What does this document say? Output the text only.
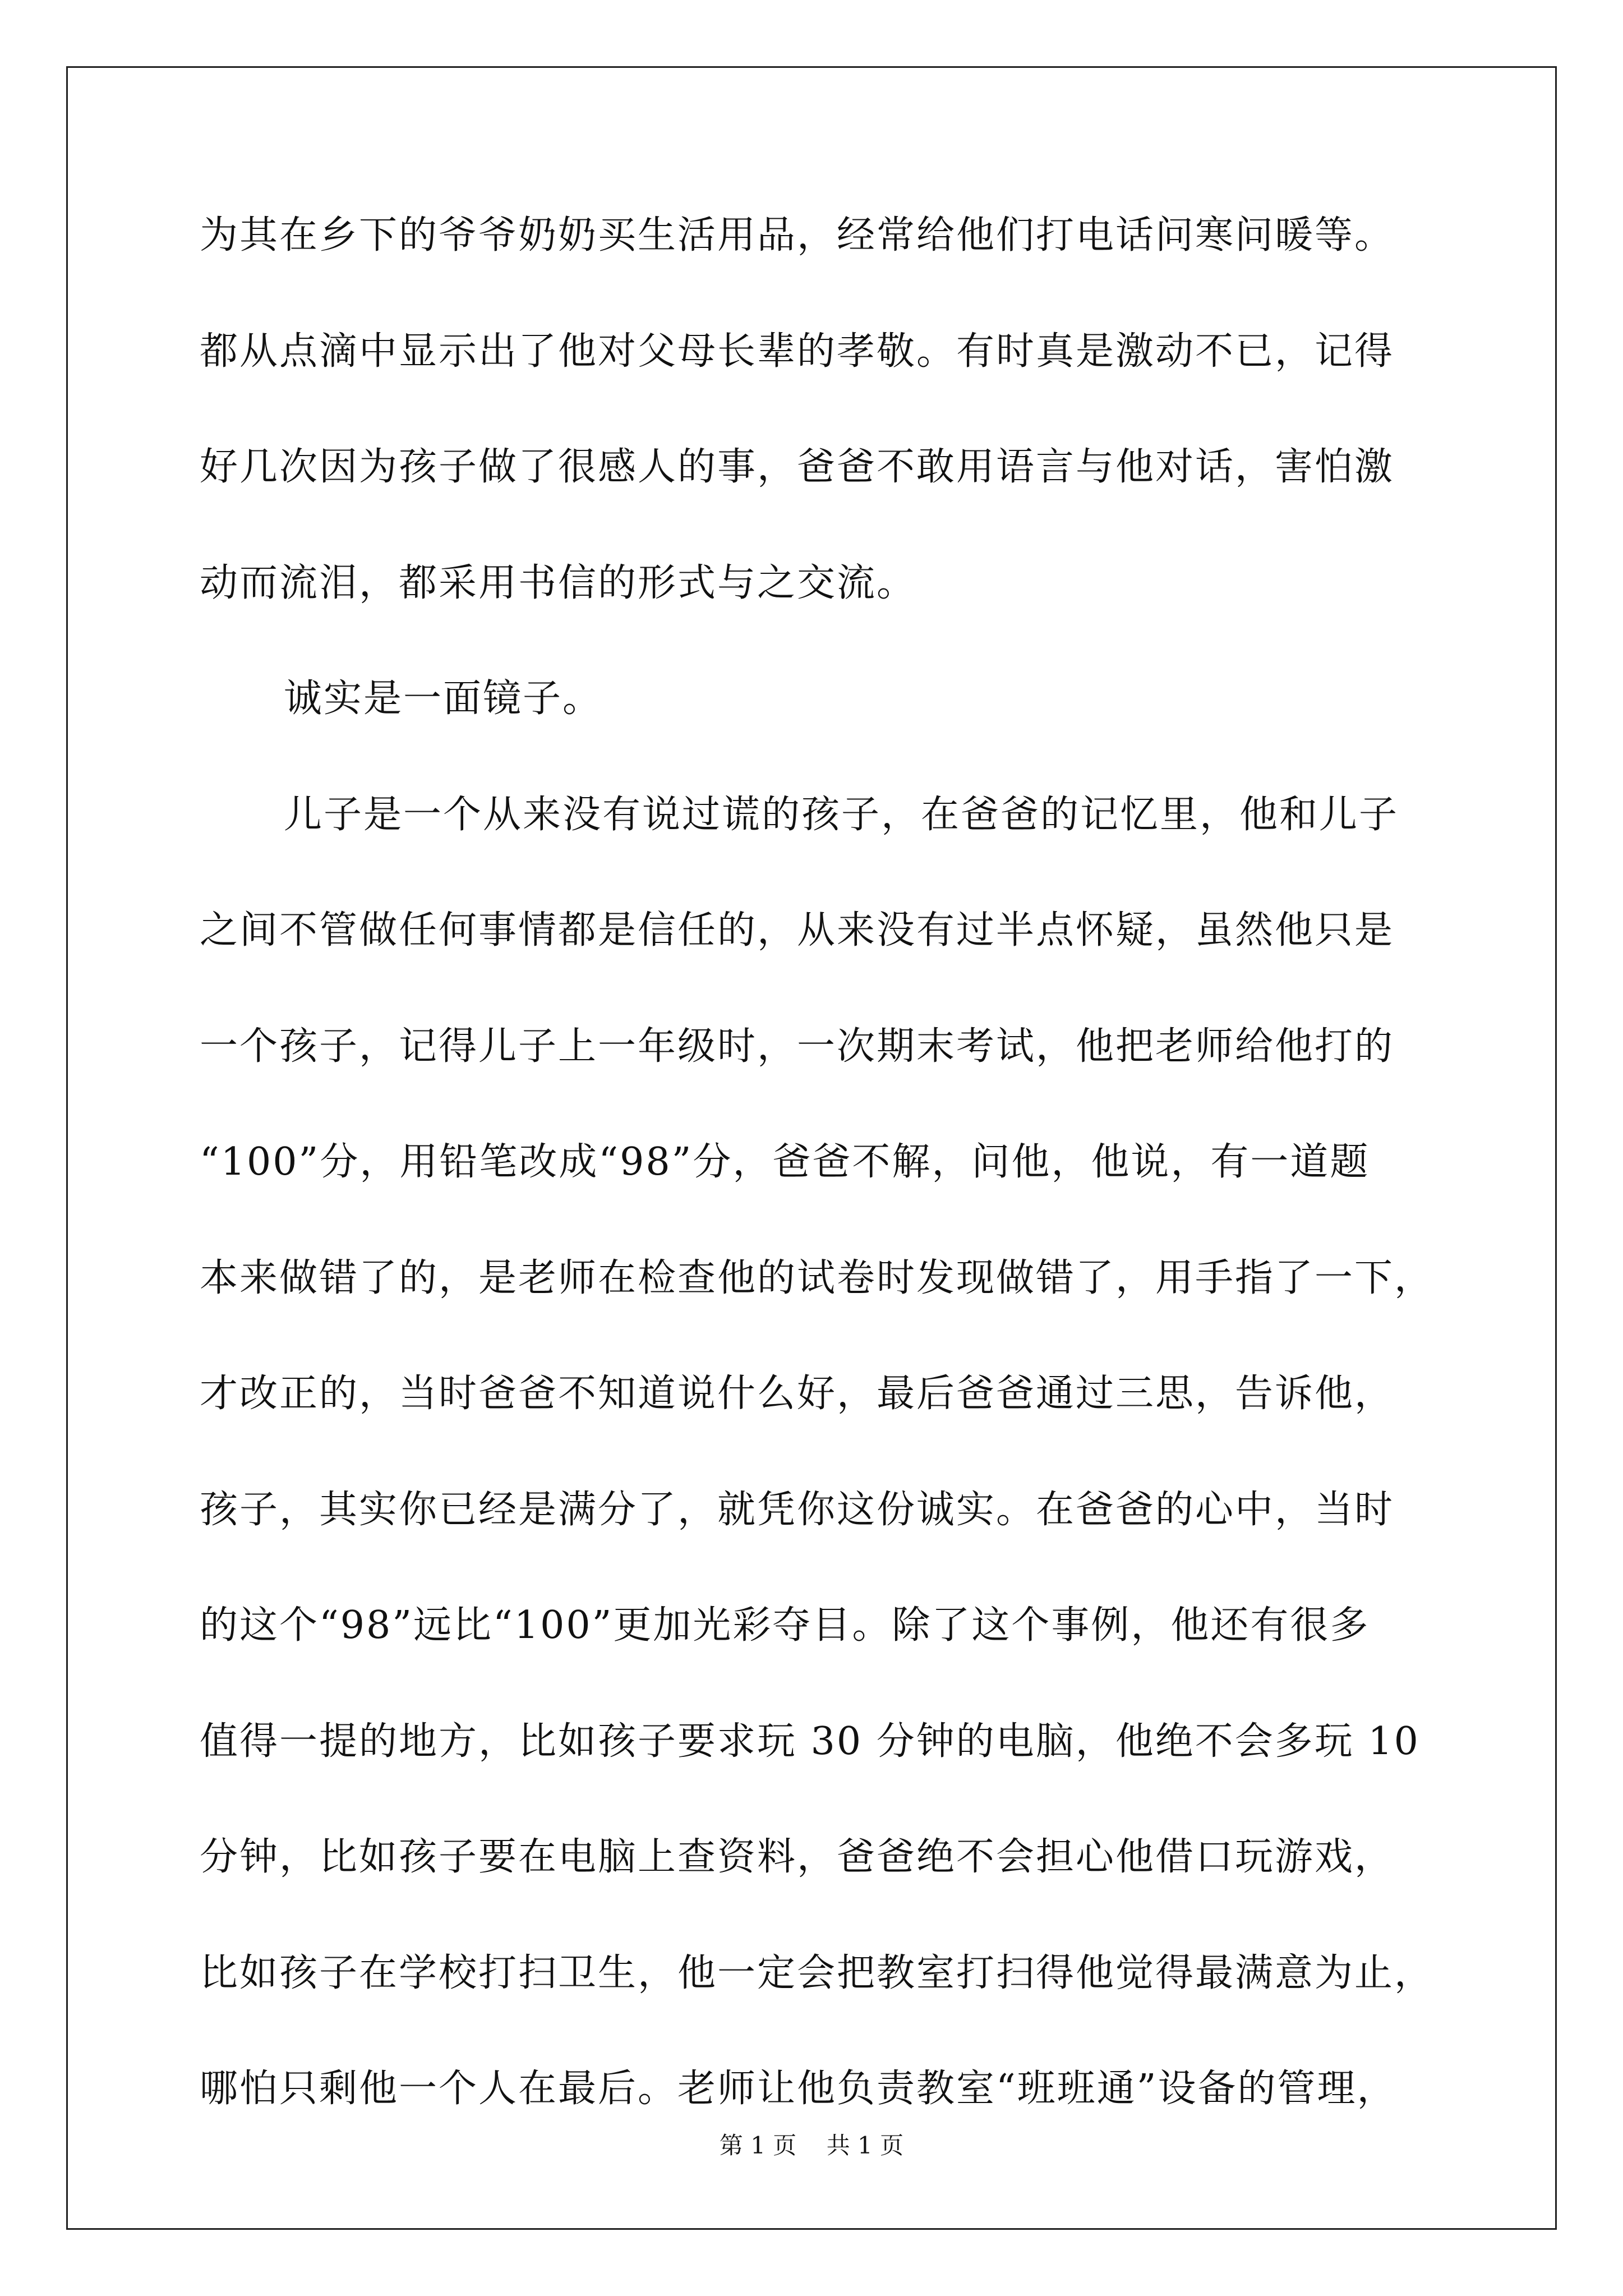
为其在乡下的爷爷奶奶买生活用品，经常给他们打电话问寒问暖等。
都从点滴中显示出了他对父母长辈的孝敬。有时真是激动不已，记得
好几次因为孩子做了很感人的事，爸爸不敢用语言与他对话，害怕激
动而流泪，都采用书信的形式与之交流。
诚实是一面镜子。
儿子是一个从来没有说过谎的孩子，在爸爸的记忆里，他和儿子
之间不管做任何事情都是信任的，从来没有过半点怀疑，虽然他只是
一个孩子，记得儿子上一年级时，一次期末考试，他把老师给他打的
“100”分，用铅笔改成“98”分，爸爸不解，问他，他说，有一道题
本来做错了的，是老师在检查他的试卷时发现做错了，用手指了一下，
才改正的，当时爸爸不知道说什么好，最后爸爸通过三思，告诉他，
孩子，其实你已经是满分了，就凭你这份诚实。在爸爸的心中，当时
的这个“98”远比“100”更加光彩夺目。除了这个事例，他还有很多
值得一提的地方，比如孩子要求玩 30 分钟的电脑，他绝不会多玩 10
分钟，比如孩子要在电脑上查资料，爸爸绝不会担心他借口玩游戏，
比如孩子在学校打扫卫生，他一定会把教室打扫得他觉得最满意为止，
哪怕只剩他一个人在最后。老师让他负责教室“班班通”设备的管理，
第 1 页    共 1 页
